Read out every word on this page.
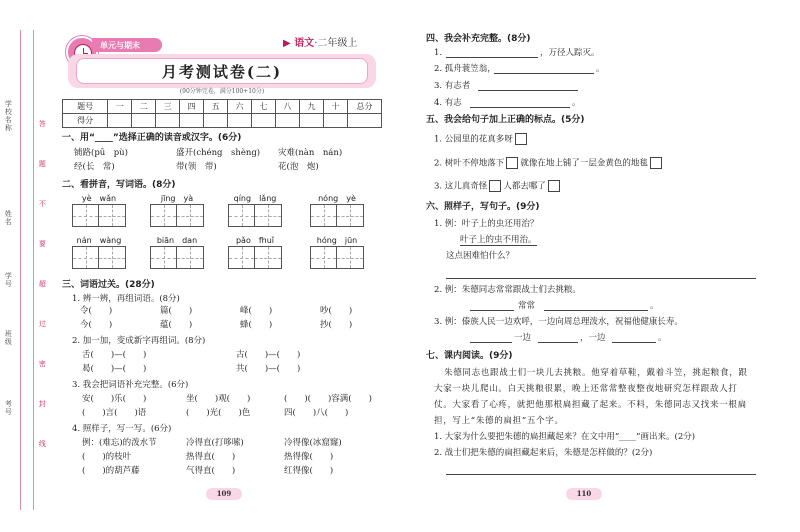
学校名称
姓名
学号
班级
考号
答
题
不
要
超
过
密
封
线
单元与期末	▶ 语文·二年级上
月考测试卷(二)
(90分钟完卷，满分100+10分)
题号	一	二	三	四	五	六	七	八	九	十	总分
得分											
一、用“____”选择正确的读音或汉字。(6分)
铺路(pū　pù)	盛开(chéng　shèng) 灾难(nàn　nán)
经(长　常)	带(领　带)	花(泡　炮)
二、看拼音，写词语。(8分)
yè　wǎn	jīng　yà	qíng　lǎng	nóng　yè
nán　wàng	biān　dan	pǎo　fhuǐ	hóng　jūn
三、词语过关。(28分)
1. 辨一辨，再组词语。(8分)
令(　　)	篇(　　)	峰(　　)	吵(　　)
今(　　)	蕴(　　)	蜂(　　)	抄(　　)
2. 加一加，变成新字再组词。(8分)
舌(　　)—(　　)	古(　　)—(　　)
曷(　　)—(　　)	共(　　)—(　　)
3. 我会把词语补充完整。(6分)
安(　　)乐(　　)	坐(　　)观(　　)	(　　)(　　)容满(　　)
(　　)言(　　)语	(　　)光(　　)色	四(　　)八(　　)
4. 照样子，写一写。(6分)
例：(难忘)的泼水节	冷得直(打哆嗦)	冷得像(冰窟窿)
(　　)的枝叶	热得直(　　)	热得像(　　)
(　　)的葫芦藤	气得直(　　)	红得像(　　)
109
四、我会补充完整。(8分)
1.	，万径人踪灭。
2. 孤舟蓑笠翁，	。
3. 有志者
4. 有志	。
五、我会给句子加上正确的标点。(5分)
1. 公园里的花真多呀
2. 树叶不停地落下 就像在地上铺了一层金黄色的地毯
3. 这儿真奇怪 人都去哪了
六、照样子，写句子。(9分)
1. 例：叶子上的虫还用治？
叶子上的虫不用治。
这点困难怕什么？
2. 例：朱德同志常常跟战士们去挑粮。
常常	。
3. 例：傣族人民一边欢呼，一边向周总理泼水，祝福他健康长寿。
一边	，一边	。
七、课内阅读。(9分)
朱德同志也跟战士们一块儿去挑粮。他穿着草鞋，戴着斗笠，挑起粮食，跟
大家一块儿爬山。白天挑粮很累，晚上还常常整夜整夜地研究怎样跟敌人打
仗。大家看了心疼，就把他那根扁担藏了起来。不料，朱德同志又找来一根扁
担，写上“朱德的扁担”五个字。
1. 大家为什么要把朱德的扁担藏起来？在文中用“____”画出来。(2分)
2. 战士们把朱德的扁担藏起来后，朱德是怎样做的？(2分)
110
